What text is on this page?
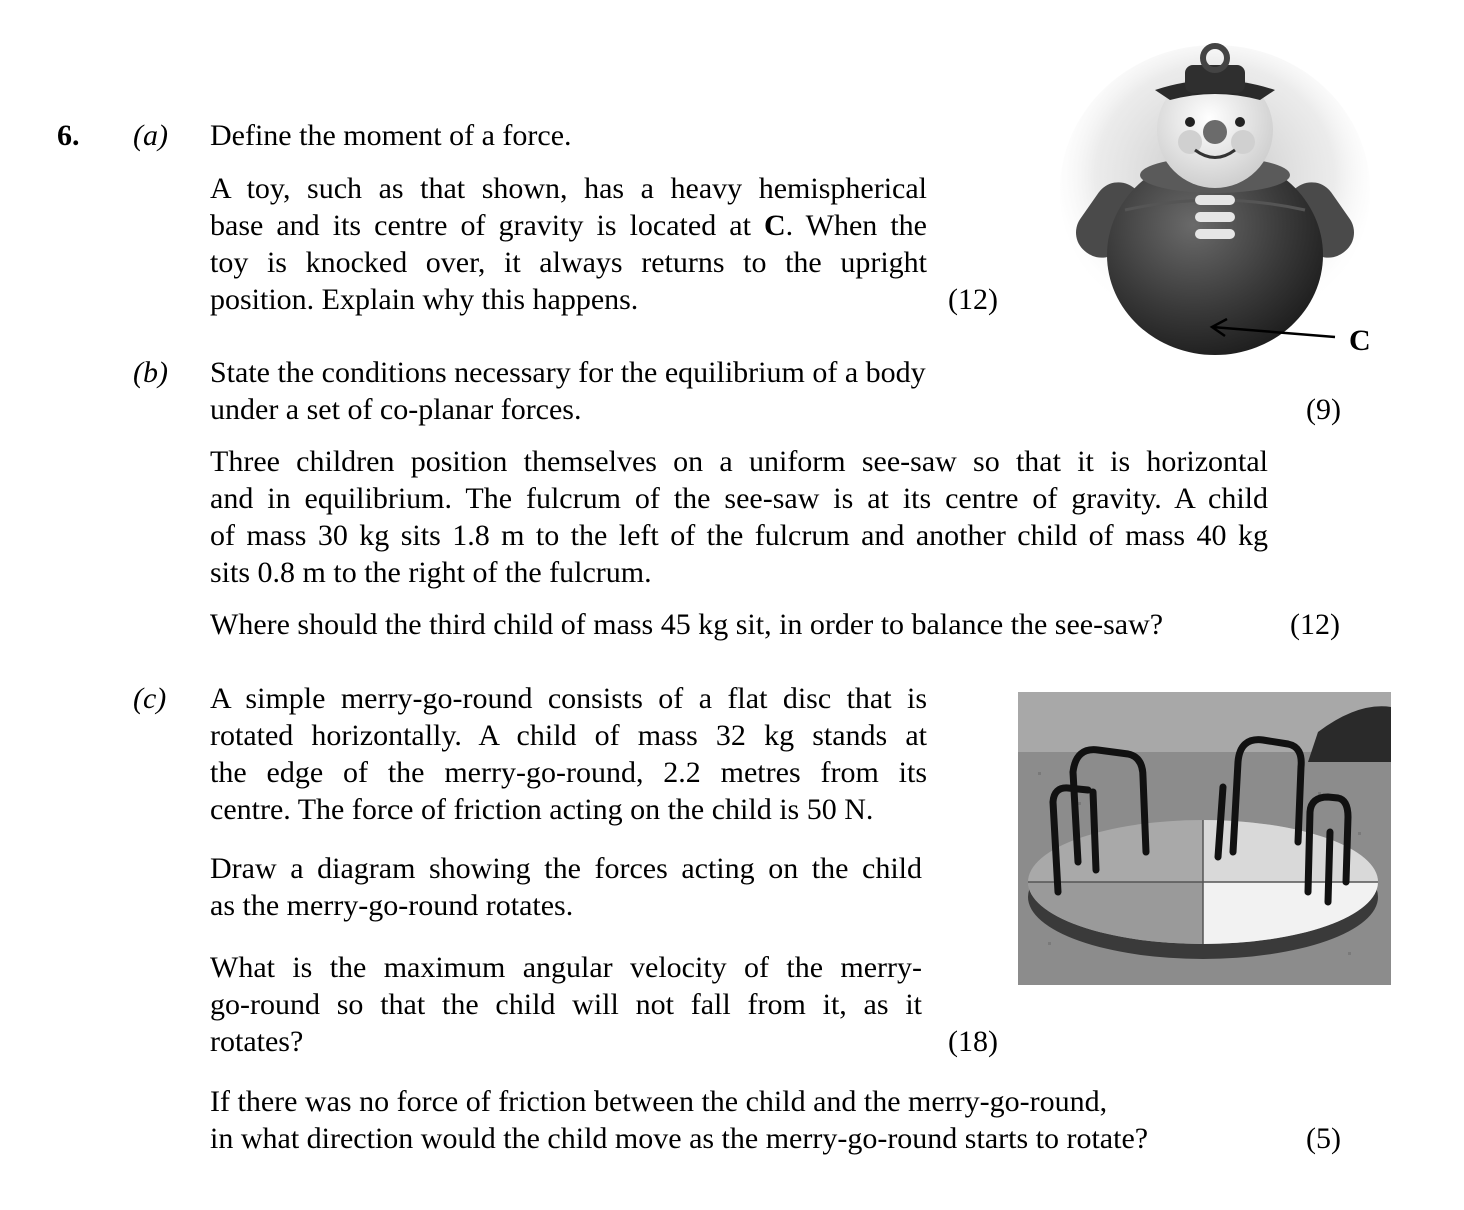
6. (a) Define the moment of a force.
A toy, such as that shown, has a heavy hemispherical
base and its centre of gravity is located at C. When the
toy is knocked over, it always returns to the upright
position. Explain why this happens.	(12)
C
(b) State the conditions necessary for the equilibrium of a body
under a set of co-planar forces.	(9)
Three children position themselves on a uniform see-saw so that it is horizontal
and in equilibrium. The fulcrum of the see-saw is at its centre of gravity. A child
of mass 30 kg sits 1.8 m to the left of the fulcrum and another child of mass 40 kg
sits 0.8 m to the right of the fulcrum.
Where should the third child of mass 45 kg sit, in order to balance the see-saw?	(12)
(c) A simple merry-go-round consists of a flat disc that is
rotated horizontally. A child of mass 32 kg stands at
the edge of the merry-go-round, 2.2 metres from its
centre. The force of friction acting on the child is 50 N.
Draw a diagram showing the forces acting on the child
as the merry-go-round rotates.
What is the maximum angular velocity of the merry-
go-round so that the child will not fall from it, as it
rotates?	(18)
If there was no force of friction between the child and the merry-go-round,
in what direction would the child move as the merry-go-round starts to rotate?	(5)
